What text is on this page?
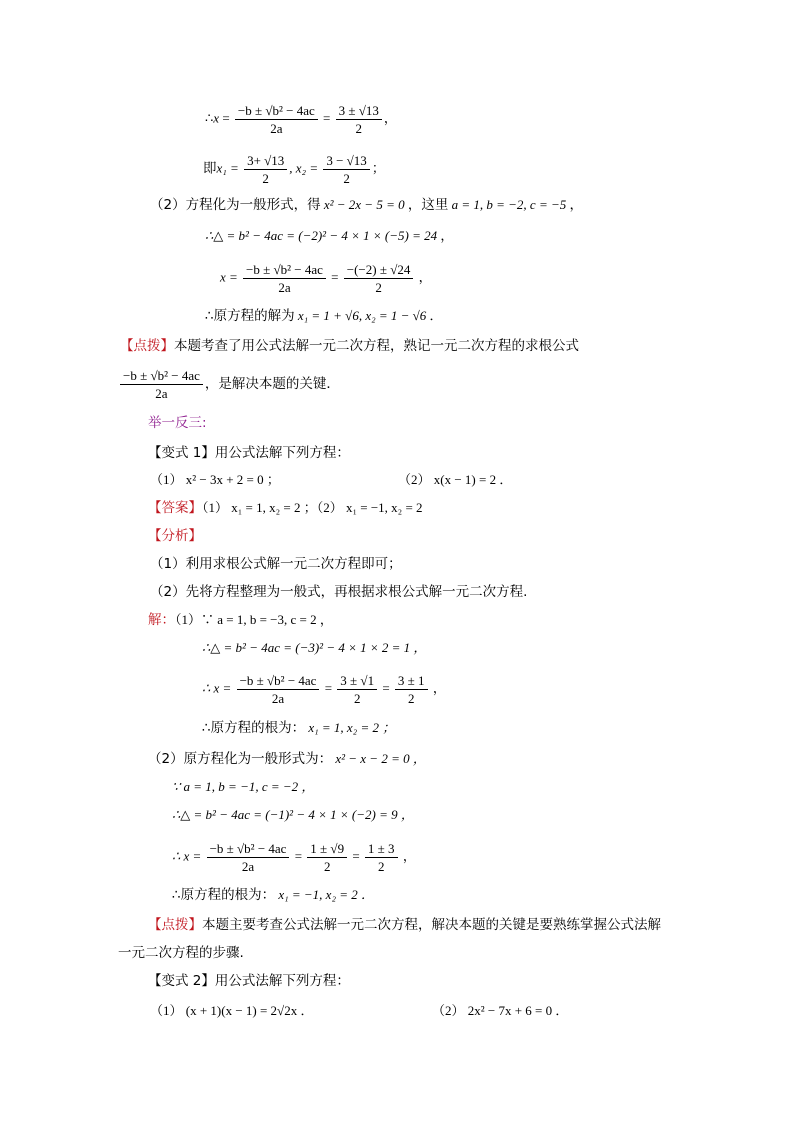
∴x = $\frac{\text{−b ± √b² − 4ac}}{2a} = \frac{3 \pm √13}{2}$ ，
即$x_1 = \frac{3+ √13}{2}$ , $x_2 = \frac{3 - √13}{2}$ ；
（2）方程化为一般形式，得 x² − 2x − 5 = 0 ，这里 a = 1, b = −2, c = −5 ，
∴△ = b² − 4ac = (−2)² − 4 × 1 × (−5) = 24 ，
$x = \frac{\text{−b ± √b² − 4ac}}{2a} = \frac{-(-2) \pm √24}{2}$ ，
∴原方程的解为 x₁ = 1 + √6, x₂ = 1 − √6 ．
【点拨】本题考查了用公式法解一元二次方程，熟记一元二次方程的求根公式
$\frac{\text{−b ± √b² − 4ac}}{2a}$ ，是解决本题的关键．
举一反三:
【变式 1】用公式法解下列方程：
（1） x² − 3x + 2 = 0 ；	（2） x(x − 1) = 2 ．
【答案】（1） x₁ = 1, x₂ = 2 ；（2） x₁ = −1, x₂ = 2
【分析】
（1）利用求根公式解一元二次方程即可；
（2）先将方程整理为一般式，再根据求根公式解一元二次方程.
解：（1）∵ a = 1, b = −3, c = 2 ，
∴△ = b² − 4ac = (−3)² − 4 × 1 × 2 = 1 ，
∴ $x = \frac{\text{−b ± √b² − 4ac}}{2a} = \frac{3 \pm √1}{2} = \frac{3 \pm 1}{2}$ ，
∴原方程的根为： x₁ = 1, x₂ = 2 ；
（2）原方程化为一般形式为： x² − x − 2 = 0 ，
∵ a = 1, b = −1, c = −2 ，
∴△ = b² − 4ac = (−1)² − 4 × 1 × (−2) = 9 ，
∴ $x = \frac{\text{−b ± √b² − 4ac}}{2a} = \frac{1 \pm √9}{2} = \frac{1 \pm 3}{2}$ ，
∴原方程的根为： x₁ = −1, x₂ = 2 ．
【点拨】本题主要考查公式法解一元二次方程，解决本题的关键是要熟练掌握公式法解
一元二次方程的步骤.
【变式 2】用公式法解下列方程：
（1） (x + 1)(x − 1) = 2√2x ．	（2） 2x² − 7x + 6 = 0 ．
